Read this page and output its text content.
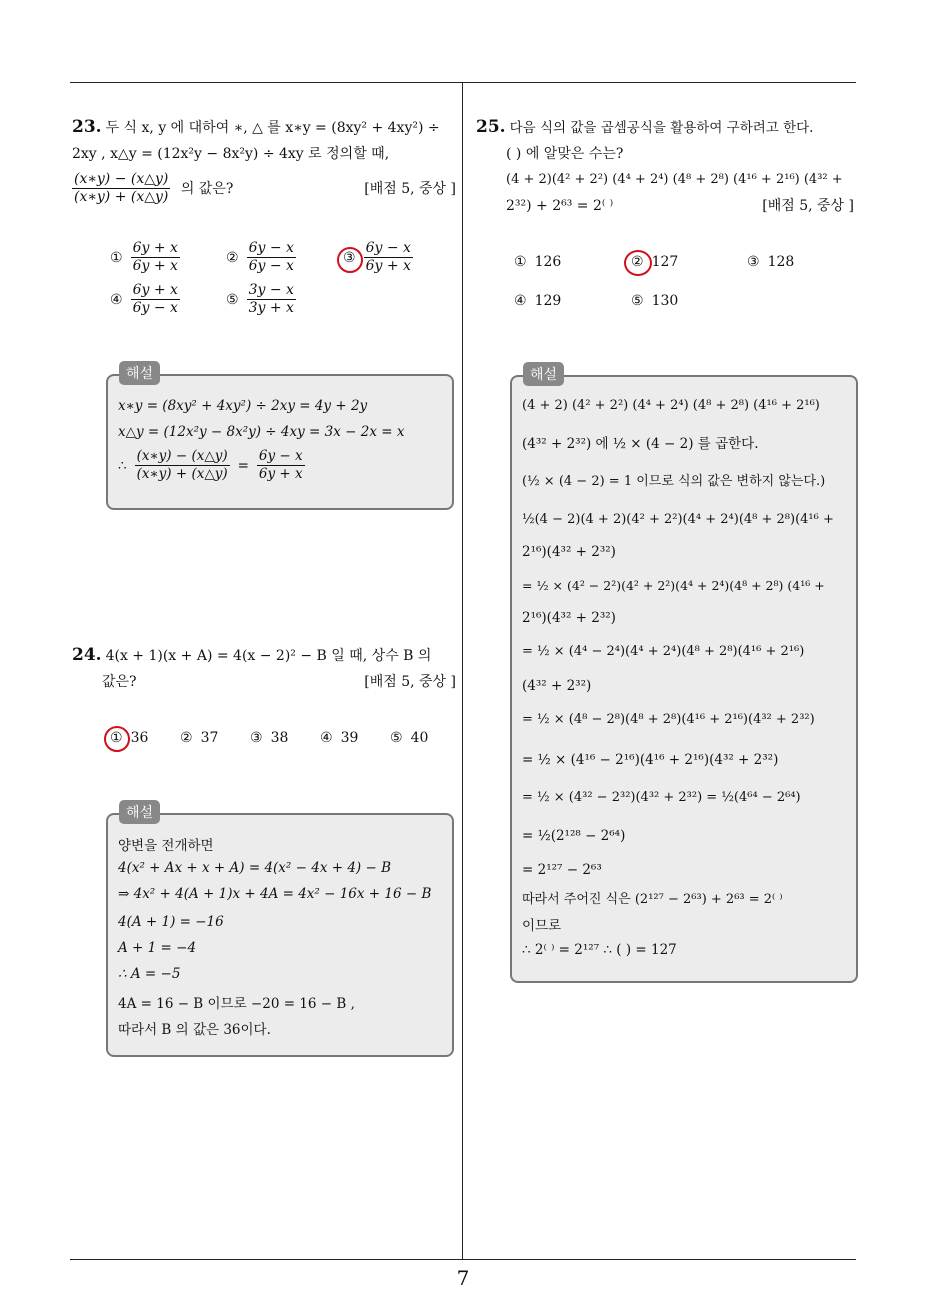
23. 두 식 x, y 에 대하여 ∗, △ 를 x∗y = (8xy² + 4xy²) ÷
2xy , x△y = (12x²y − 8x²y) ÷ 4xy 로 정의할 때,
$\frac{(x∗y) - (x\triangle y)}{(x∗y) + (x\triangle y)}$ 의 값은?	[배점 5, 중상 ]
① $\frac{6y + x}{6y + x}$	② $\frac{6y - x}{6y - x}$	③ $\frac{6y - x}{6y + x}$
④ $\frac{6y + x}{6y - x}$	⑤ $\frac{3y - x}{3y + x}$
해설
x∗y = (8xy² + 4xy²) ÷ 2xy = 4y + 2y
x△y = (12x²y − 8x²y) ÷ 4xy = 3x − 2x = x
∴ $\frac{(x∗y) - (x\triangle y)}{(x∗y) + (x\triangle y)} = \frac{6y - x}{6y + x}$
24. 4(x + 1)(x + A) = 4(x − 2)² − B 일 때, 상수 B 의
값은?	[배점 5, 중상 ]
① 36 ② 37 ③ 38 ④ 39 ⑤ 40
해설
양변을 전개하면
4(x² + Ax + x + A) = 4(x² − 4x + 4) − B
⇒ 4x² + 4(A + 1)x + 4A = 4x² − 16x + 16 − B
4(A + 1) = −16
A + 1 = −4
∴ A = −5
4A = 16 − B 이므로 −20 = 16 − B ,
따라서 B 의 값은 36이다.
25. 다음 식의 값을 곱셈공식을 활용하여 구하려고 한다.
( ) 에 알맞은 수는?
(4 + 2)(4² + 2²) (4⁴ + 2⁴) (4⁸ + 2⁸) (4¹⁶ + 2¹⁶) (4³² +
2³²) + 2⁶³ = 2⁽ ⁾	[배점 5, 중상 ]
① 126	② 127	③ 128
④ 129	⑤ 130
해설
(4 + 2) (4² + 2²) (4⁴ + 2⁴) (4⁸ + 2⁸) (4¹⁶ + 2¹⁶)
(4³² + 2³²) 에 ½ × (4 − 2) 를 곱한다.
(½ × (4 − 2) = 1 이므로 식의 값은 변하지 않는다.)
½(4 − 2)(4 + 2)(4² + 2²)(4⁴ + 2⁴)(4⁸ + 2⁸)(4¹⁶ +
2¹⁶)(4³² + 2³²)
= ½ × (4² − 2²)(4² + 2²)(4⁴ + 2⁴)(4⁸ + 2⁸) (4¹⁶ +
2¹⁶)(4³² + 2³²)
= ½ × (4⁴ − 2⁴)(4⁴ + 2⁴)(4⁸ + 2⁸)(4¹⁶ + 2¹⁶)
(4³² + 2³²)
= ½ × (4⁸ − 2⁸)(4⁸ + 2⁸)(4¹⁶ + 2¹⁶)(4³² + 2³²)
= ½ × (4¹⁶ − 2¹⁶)(4¹⁶ + 2¹⁶)(4³² + 2³²)
= ½ × (4³² − 2³²)(4³² + 2³²) = ½(4⁶⁴ − 2⁶⁴)
= ½(2¹²⁸ − 2⁶⁴)
= 2¹²⁷ − 2⁶³
따라서 주어진 식은 (2¹²⁷ − 2⁶³) + 2⁶³ = 2⁽ ⁾
이므로
∴ 2⁽ ⁾ = 2¹²⁷ ∴ ( ) = 127
7
